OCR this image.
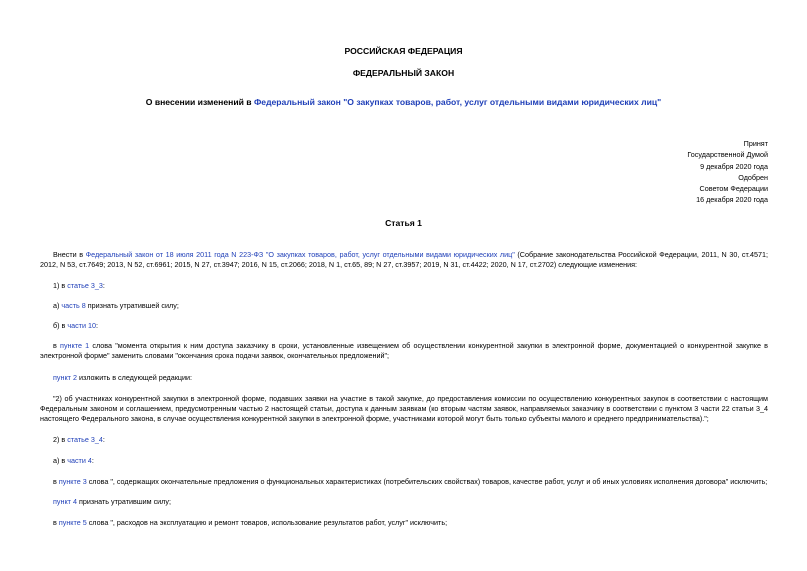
РОССИЙСКАЯ ФЕДЕРАЦИЯ
ФЕДЕРАЛЬНЫЙ ЗАКОН
О внесении изменений в Федеральный закон "О закупках товаров, работ, услуг отдельными видами юридических лиц"
Принят
Государственной Думой
9 декабря 2020 года
Одобрен
Советом Федерации
16 декабря 2020 года
Статья 1
Внести в Федеральный закон от 18 июля 2011 года N 223-ФЗ "О закупках товаров, работ, услуг отдельными видами юридических лиц" (Собрание законодательства Российской Федерации, 2011, N 30, ст.4571; 2012, N 53, ст.7649; 2013, N 52, ст.6961; 2015, N 27, ст.3947; 2016, N 15, ст.2066; 2018, N 1, ст.65, 89; N 27, ст.3957; 2019, N 31, ст.4422; 2020, N 17, ст.2702) следующие изменения:
1) в статье 3_3:
а) часть 8 признать утратившей силу;
б) в части 10:
в пункте 1 слова "момента открытия к ним доступа заказчику в сроки, установленные извещением об осуществлении конкурентной закупки в электронной форме, документацией о конкурентной закупке в электронной форме" заменить словами "окончания срока подачи заявок, окончательных предложений";
пункт 2 изложить в следующей редакции:
"2) об участниках конкурентной закупки в электронной форме, подавших заявки на участие в такой закупке, до предоставления комиссии по осуществлению конкурентных закупок в соответствии с настоящим Федеральным законом и соглашением, предусмотренным частью 2 настоящей статьи, доступа к данным заявкам (ко вторым частям заявок, направляемых заказчику в соответствии с пунктом 3 части 22 статьи 3_4 настоящего Федерального закона, в случае осуществления конкурентной закупки в электронной форме, участниками которой могут быть только субъекты малого и среднего предпринимательства).";
2) в статье 3_4:
а) в части 4:
в пункте 3 слова ", содержащих окончательные предложения о функциональных характеристиках (потребительских свойствах) товаров, качестве работ, услуг и об иных условиях исполнения договора" исключить;
пункт 4 признать утратившим силу;
в пункте 5 слова ", расходов на эксплуатацию и ремонт товаров, использование результатов работ, услуг" исключить;
